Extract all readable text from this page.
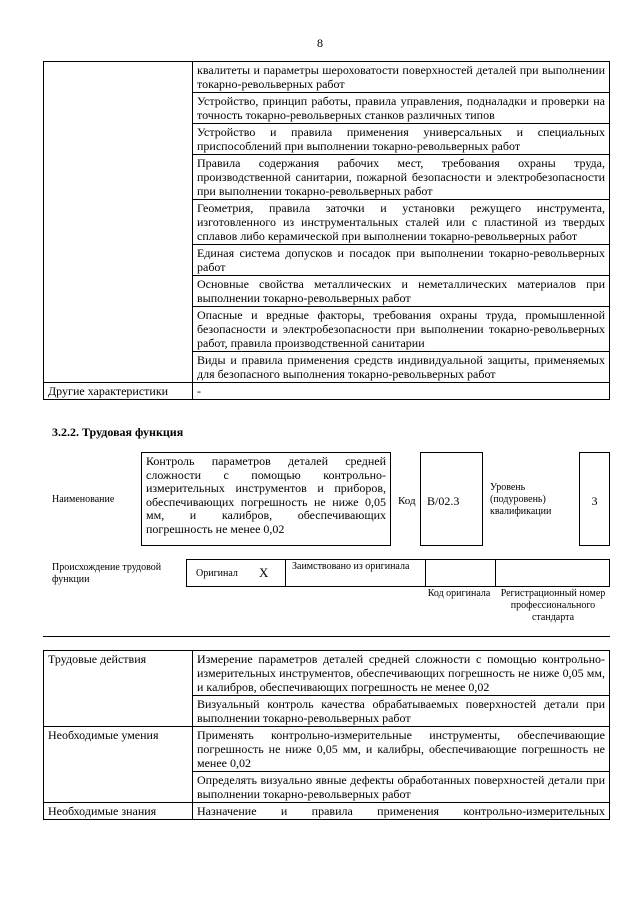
8
	квалитеты и параметры шероховатости поверхностей деталей при выполнении токарно-револьверных работ
	Устройство, принцип работы, правила управления, подналадки и проверки на точность токарно-револьверных станков различных типов
	Устройство и правила применения универсальных и специальных приспособлений при выполнении токарно-револьверных работ
	Правила содержания рабочих мест, требования охраны труда, производственной санитарии, пожарной безопасности и электробезопасности при выполнении токарно-револьверных работ
	Геометрия, правила заточки и установки режущего инструмента, изготовленного из инструментальных сталей или с пластиной из твердых сплавов либо керамической при выполнении токарно-револьверных работ
	Единая система допусков и посадок при выполнении токарно-револьверных работ
	Основные свойства металлических и неметаллических материалов при выполнении токарно-револьверных работ
	Опасные и вредные факторы, требования охраны труда, промышленной безопасности и электробезопасности при выполнении токарно-револьверных работ, правила производственной санитарии
	Виды и правила применения средств индивидуальной защиты, применяемых для безопасного выполнения токарно-револьверных работ
Другие характеристики	-
3.2.2. Трудовая функция
Наименование
Контроль параметров деталей средней сложности с помощью контрольно-измерительных инструментов и приборов, обеспечивающих погрешность не ниже 0,05 мм, и калибров, обеспечивающих погрешность не менее 0,02
Код B/02.3
Уровень (подуровень) квалификации
3
Происхождение трудовой функции
Оригинал X Заимствовано из оригинала
Код оригинала	Регистрационный номер профессионального стандарта
Трудовые действия	Измерение параметров деталей средней сложности с помощью контрольно-измерительных инструментов, обеспечивающих погрешность не ниже 0,05 мм, и калибров, обеспечивающих погрешность не менее 0,02
	Визуальный контроль качества обрабатываемых поверхностей детали при выполнении токарно-револьверных работ
Необходимые умения	Применять контрольно-измерительные инструменты, обеспечивающие погрешность не ниже 0,05 мм, и калибры, обеспечивающие погрешность не менее 0,02
	Определять визуально явные дефекты обработанных поверхностей детали при выполнении токарно-револьверных работ
Необходимые знания	Назначение и правила применения контрольно-измерительных
